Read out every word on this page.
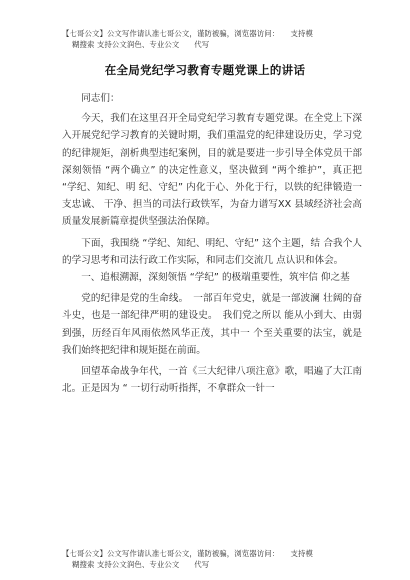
【七哥公文】公文写作请认准七哥公文，谨防被骗，浏览器访问：　　支持模
糊搜索 支持公文润色、专业公文　　代写
在全局党纪学习教育专题党课上的讲话

同志们：

今天，我们在这里召开全局党纪学习教育专题党课。在全党上下深入开展党纪学习教育的关键时期，我们重温党的纪律建设历史，学习党的纪律规矩，剖析典型违纪案例，目的就是要进一步引导全体党员干部深刻领悟 “两个确立” 的决定性意义，坚决做到 “两个维护”，真正把 “学纪、知纪、明 纪、守纪” 内化于心、外化于行，以铁的纪律锻造一支忠诚、 干净、担当的司法行政铁军，为奋力谱写XX 县域经济社会高 质量发展新篇章提供坚强法治保障。

下面，我围绕 “学纪、知纪、明纪、守纪” 这个主题，结 合我个人的学习思考和司法行政工作实际，和同志们交流几 点认识和体会。

一、追根溯源，深刻领悟 “学纪” 的极端重要性，筑牢信 仰之基

党的纪律是党的生命线。　一部百年党史，就是一部波澜 壮阔的奋斗史，也是一部纪律严明的建设史。　我们党之所以 能从小到大、由弱到强，历经百年风雨依然风华正茂，其中一 个至关重要的法宝，就是我们始终把纪律和规矩挺在前面。

回望革命战争年代，一首《三大纪律八项注意》歌，唱遍了大江南北。正是因为 “ 一切行动听指挥，不拿群众一针一

【七哥公文】公文写作请认准七哥公文，谨防被骗，浏览器访问：　　支持模
糊搜索 支持公文润色、专业公文　　代写
